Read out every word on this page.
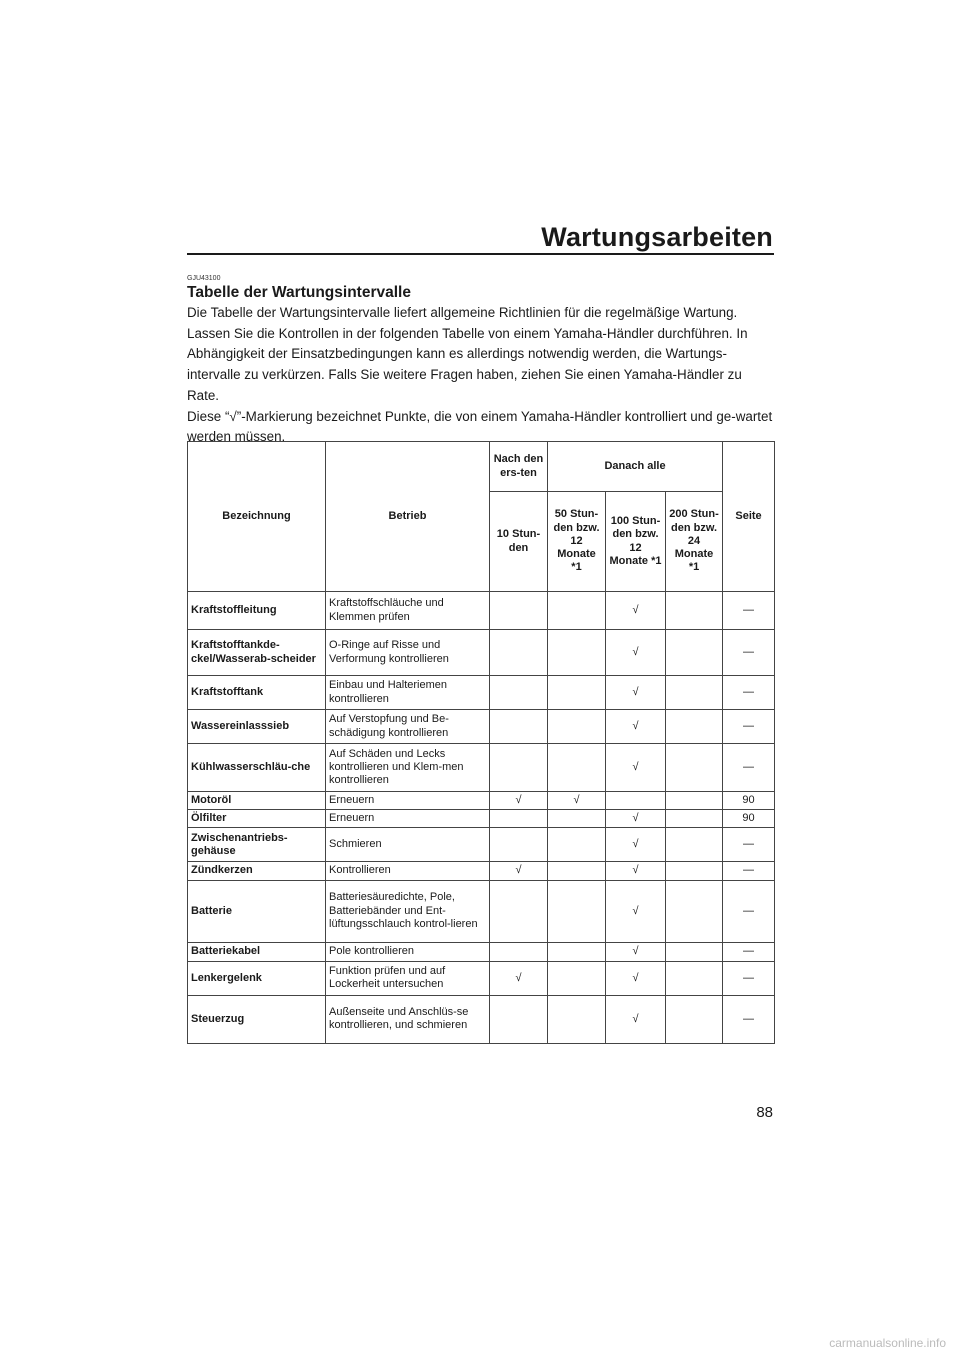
Wartungsarbeiten
GJU43100
Tabelle der Wartungsintervalle

Die Tabelle der Wartungsintervalle liefert allgemeine Richtlinien für die regelmäßige Wartung. Lassen Sie die Kontrollen in der folgenden Tabelle von einem Yamaha-Händler durchführen. In Abhängigkeit der Einsatzbedingungen kann es allerdings notwendig werden, die Wartungs-intervalle zu verkürzen. Falls Sie weitere Fragen haben, ziehen Sie einen Yamaha-Händler zu Rate.

Diese “√”-Markierung bezeichnet Punkte, die von einem Yamaha-Händler kontrolliert und ge-wartet werden müssen.

Bezeichnung	Betrieb	Nach den ers-ten	Danach alle			Seite
		10 Stun-den	50 Stun-den bzw. 12 Monate *1	100 Stun-den bzw. 12 Monate *1	200 Stun-den bzw. 24 Monate *1	
Kraftstoffleitung	Kraftstoffschläuche und Klemmen prüfen			√		—
Kraftstofftankde-ckel/Wasserab-scheider	O-Ringe auf Risse und Verformung kontrollieren			√		—
Kraftstofftank	Einbau und Halteriemen kontrollieren			√		—
Wassereinlasssieb	Auf Verstopfung und Be-schädigung kontrollieren			√		—
Kühlwasserschläu-che	Auf Schäden und Lecks kontrollieren und Klem-men kontrollieren			√		—
Motoröl	Erneuern	√	√			90
Ölfilter	Erneuern			√		90
Zwischenantriebs-gehäuse	Schmieren			√		—
Zündkerzen	Kontrollieren	√		√		—
Batterie	Batteriesäuredichte, Pole, Batteriebänder und Ent-lüftungsschlauch kontrol-lieren			√		—
Batteriekabel	Pole kontrollieren			√		—
Lenkergelenk	Funktion prüfen und auf Lockerheit untersuchen	√		√		—
Steuerzug	Außenseite und Anschlüs-se kontrollieren, und schmieren			√		—
88
carmanualsonline.info
